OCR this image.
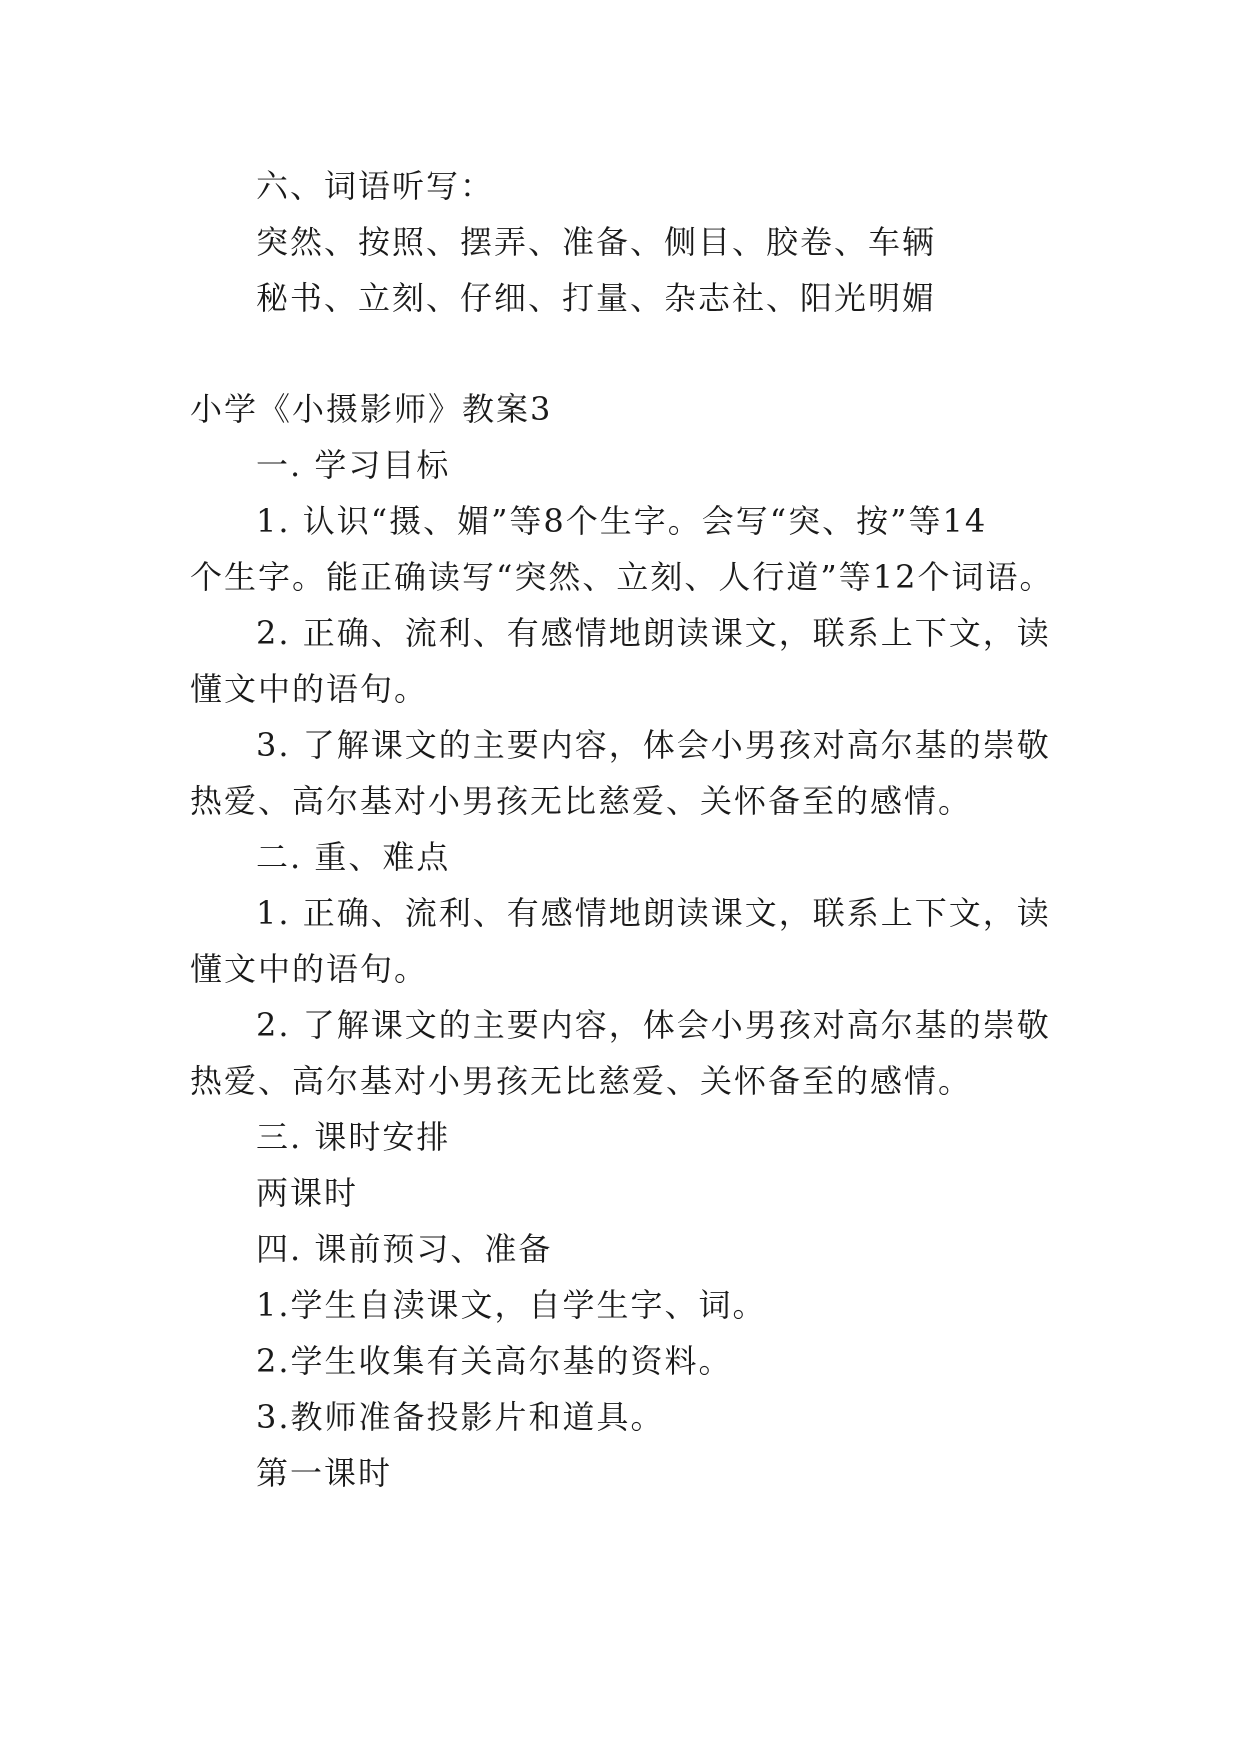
六、词语听写：

突然、按照、摆弄、准备、侧目、胶卷、车辆

秘书、立刻、仔细、打量、杂志社、阳光明媚

小学《小摄影师》教案3

一. 学习目标

1. 认识“摄、媚”等8个生字。会写“突、按”等14

个生字。能正确读写“突然、立刻、人行道”等12个词语。

2. 正确、流利、有感情地朗读课文，联系上下文，读

懂文中的语句。

3. 了解课文的主要内容，体会小男孩对高尔基的崇敬

热爱、高尔基对小男孩无比慈爱、关怀备至的感情。

二. 重、难点

1. 正确、流利、有感情地朗读课文，联系上下文，读

懂文中的语句。

2. 了解课文的主要内容，体会小男孩对高尔基的崇敬

热爱、高尔基对小男孩无比慈爱、关怀备至的感情。

三. 课时安排

两课时

四. 课前预习、准备

1.学生自渎课文，自学生字、词。

2.学生收集有关高尔基的资料。

3.教师准备投影片和道具。

第一课时
